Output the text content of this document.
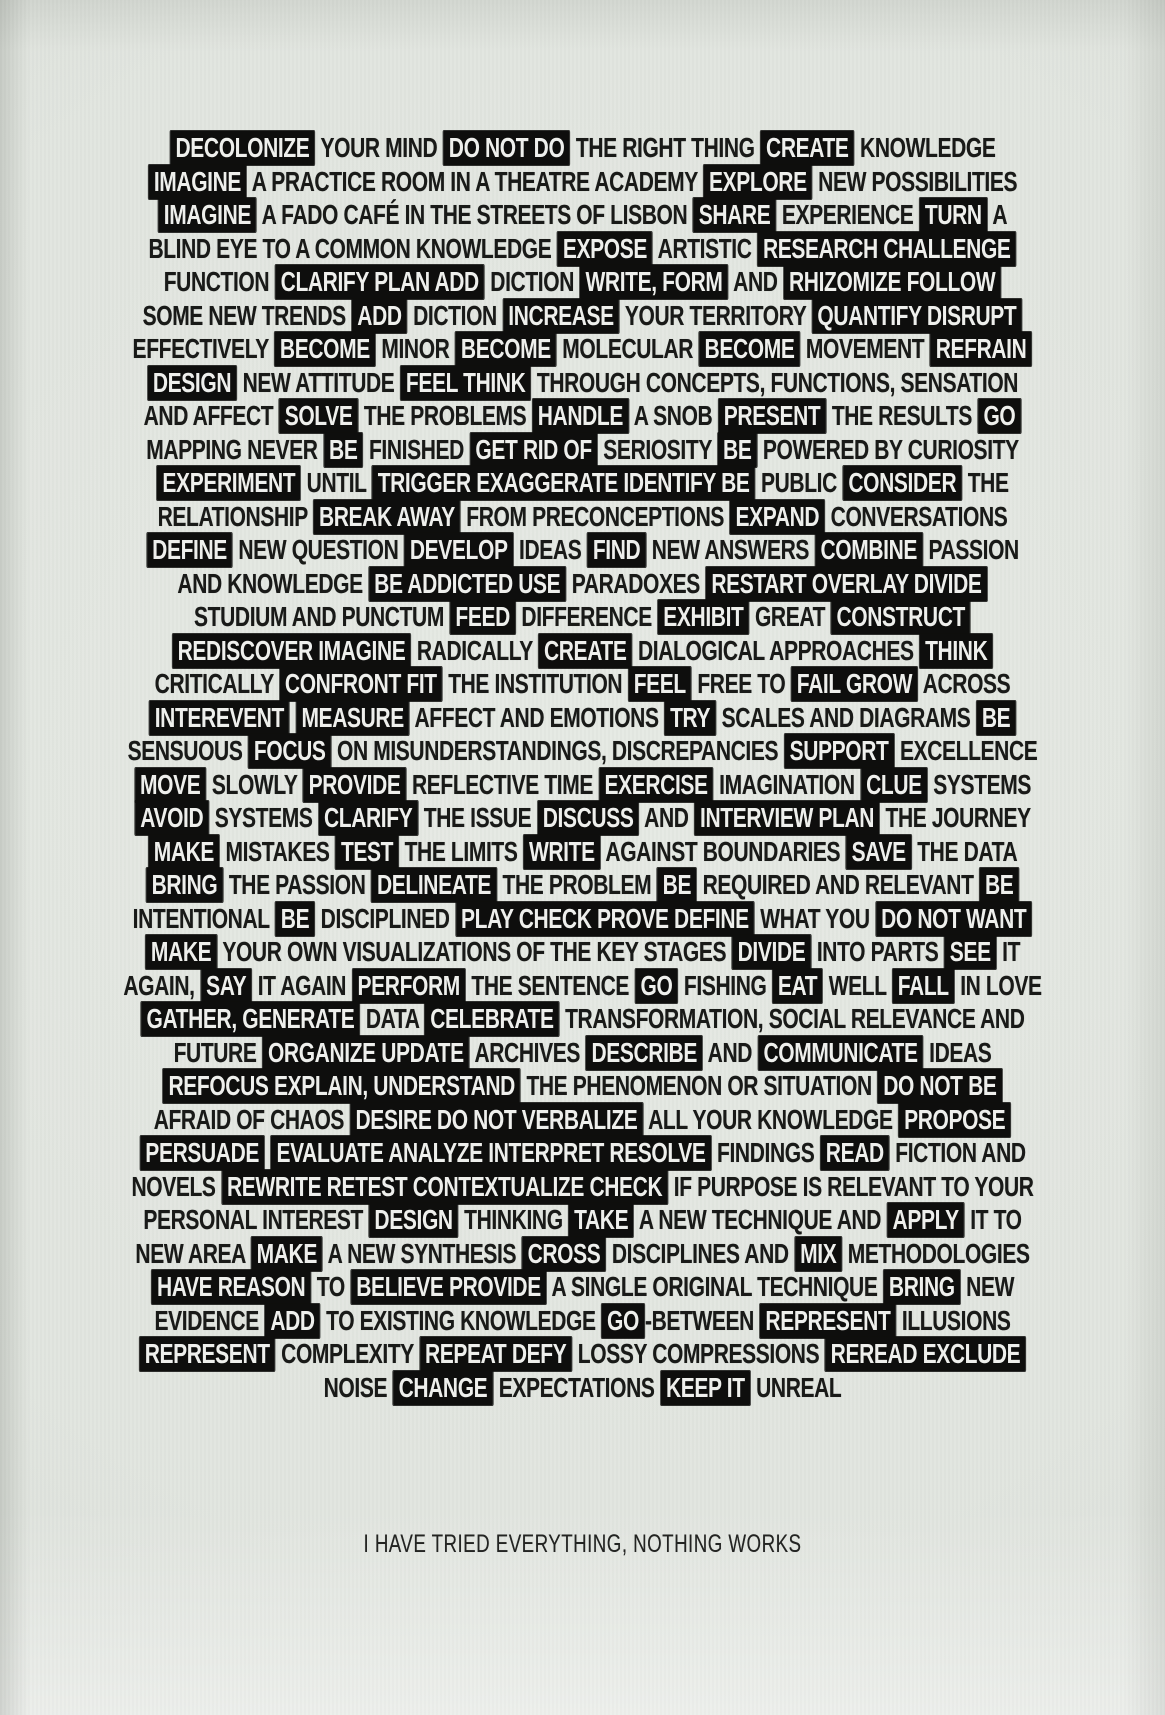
DECOLONIZE YOUR MIND DO NOT DO THE RIGHT THING CREATE KNOWLEDGE
IMAGINE A PRACTICE ROOM IN A THEATRE ACADEMY EXPLORE NEW POSSIBILITIES
IMAGINE A FADO CAFÉ IN THE STREETS OF LISBON SHARE EXPERIENCE TURN A
BLIND EYE TO A COMMON KNOWLEDGE EXPOSE ARTISTIC RESEARCH CHALLENGE
FUNCTION CLARIFY PLAN ADD DICTION WRITE, FORM AND RHIZOMIZE FOLLOW
SOME NEW TRENDS ADD DICTION INCREASE YOUR TERRITORY QUANTIFY DISRUPT
EFFECTIVELY BECOME MINOR BECOME MOLECULAR BECOME MOVEMENT REFRAIN
DESIGN NEW ATTITUDE FEEL THINK THROUGH CONCEPTS, FUNCTIONS, SENSATION
AND AFFECT SOLVE THE PROBLEMS HANDLE A SNOB PRESENT THE RESULTS GO
MAPPING NEVER BE FINISHED GET RID OF SERIOSITY BE POWERED BY CURIOSITY
EXPERIMENT UNTIL TRIGGER EXAGGERATE IDENTIFY BE PUBLIC CONSIDER THE
RELATIONSHIP BREAK AWAY FROM PRECONCEPTIONS EXPAND CONVERSATIONS
DEFINE NEW QUESTION DEVELOP IDEAS FIND NEW ANSWERS COMBINE PASSION
AND KNOWLEDGE BE ADDICTED USE PARADOXES RESTART OVERLAY DIVIDE
STUDIUM AND PUNCTUM FEED DIFFERENCE EXHIBIT GREAT CONSTRUCT
REDISCOVER IMAGINE RADICALLY CREATE DIALOGICAL APPROACHES THINK
CRITICALLY CONFRONT FIT THE INSTITUTION FEEL FREE TO FAIL GROW ACROSS
INTEREVENT MEASURE AFFECT AND EMOTIONS TRY SCALES AND DIAGRAMS BE
SENSUOUS FOCUS ON MISUNDERSTANDINGS, DISCREPANCIES SUPPORT EXCELLENCE
MOVE SLOWLY PROVIDE REFLECTIVE TIME EXERCISE IMAGINATION CLUE SYSTEMS
AVOID SYSTEMS CLARIFY THE ISSUE DISCUSS AND INTERVIEW PLAN THE JOURNEY
MAKE MISTAKES TEST THE LIMITS WRITE AGAINST BOUNDARIES SAVE THE DATA
BRING THE PASSION DELINEATE THE PROBLEM BE REQUIRED AND RELEVANT BE
INTENTIONAL BE DISCIPLINED PLAY CHECK PROVE DEFINE WHAT YOU DO NOT WANT
MAKE YOUR OWN VISUALIZATIONS OF THE KEY STAGES DIVIDE INTO PARTS SEE IT
AGAIN, SAY IT AGAIN PERFORM THE SENTENCE GO FISHING EAT WELL FALL IN LOVE
GATHER, GENERATE DATA CELEBRATE TRANSFORMATION, SOCIAL RELEVANCE AND
FUTURE ORGANIZE UPDATE ARCHIVES DESCRIBE AND COMMUNICATE IDEAS
REFOCUS EXPLAIN, UNDERSTAND THE PHENOMENON OR SITUATION DO NOT BE
AFRAID OF CHAOS DESIRE DO NOT VERBALIZE ALL YOUR KNOWLEDGE PROPOSE
PERSUADE EVALUATE ANALYZE INTERPRET RESOLVE FINDINGS READ FICTION AND
NOVELS REWRITE RETEST CONTEXTUALIZE CHECK IF PURPOSE IS RELEVANT TO YOUR
PERSONAL INTEREST DESIGN THINKING TAKE A NEW TECHNIQUE AND APPLY IT TO
NEW AREA MAKE A NEW SYNTHESIS CROSS DISCIPLINES AND MIX METHODOLOGIES
HAVE REASON TO BELIEVE PROVIDE A SINGLE ORIGINAL TECHNIQUE BRING NEW
EVIDENCE ADD TO EXISTING KNOWLEDGE GO -BETWEEN REPRESENT ILLUSIONS
REPRESENT COMPLEXITY REPEAT DEFY LOSSY COMPRESSIONS REREAD EXCLUDE
NOISE CHANGE EXPECTATIONS KEEP IT UNREAL
I HAVE TRIED EVERYTHING, NOTHING WORKS
